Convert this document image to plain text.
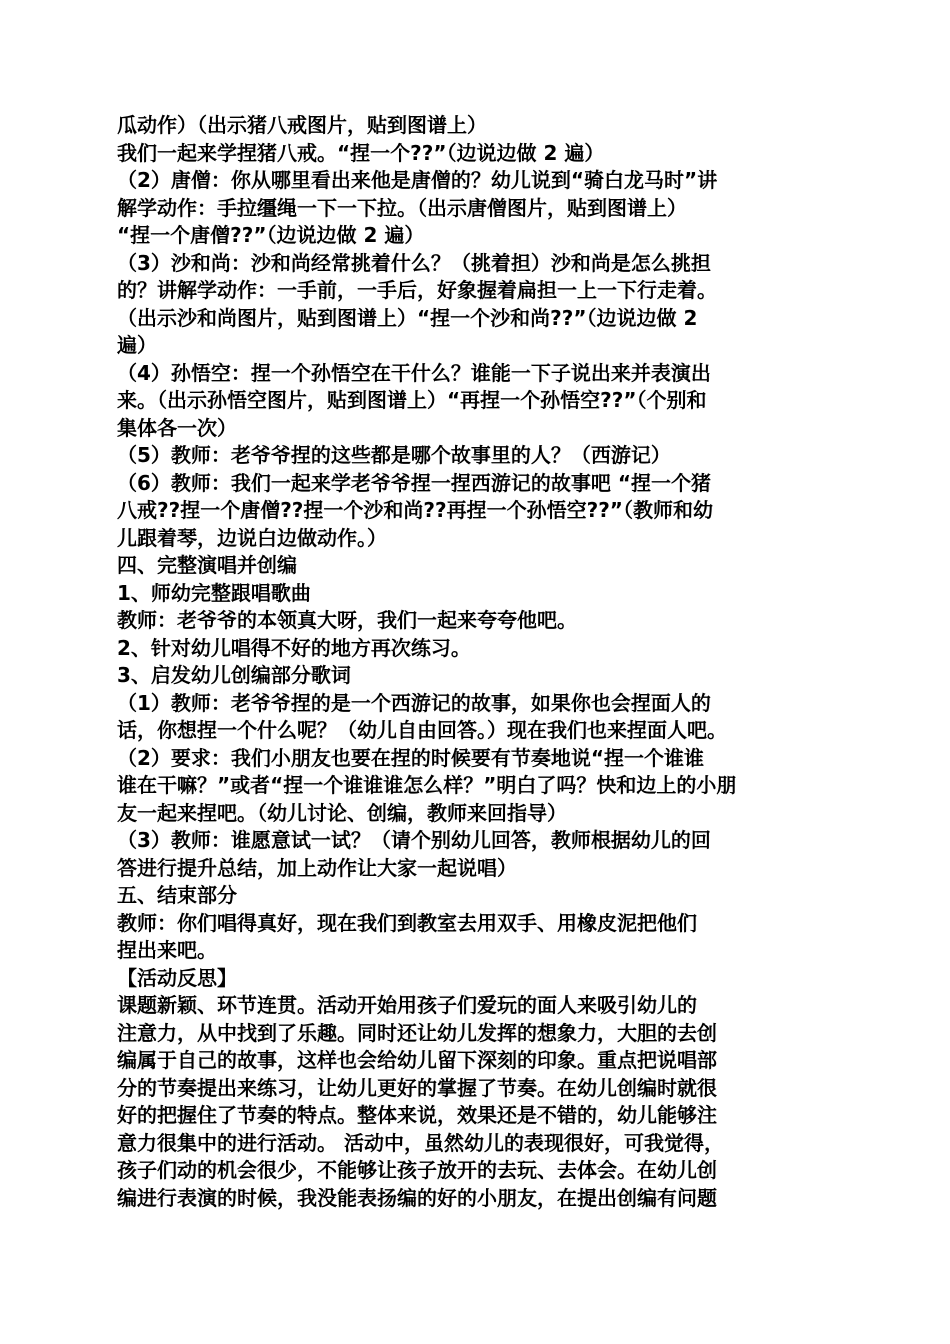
瓜动作）（出示猪八戒图片，贴到图谱上）
我们一起来学捏猪八戒。“捏一个??”（边说边做 2 遍）
（2）唐僧：你从哪里看出来他是唐僧的？幼儿说到“骑白龙马时”讲
解学动作：手拉缰绳一下一下拉。（出示唐僧图片，贴到图谱上）
“捏一个唐僧??”（边说边做 2 遍）
（3）沙和尚：沙和尚经常挑着什么？（挑着担）沙和尚是怎么挑担
的？讲解学动作：一手前，一手后，好象握着扁担一上一下行走着。
（出示沙和尚图片，贴到图谱上）“捏一个沙和尚??”（边说边做 2
遍）
（4）孙悟空：捏一个孙悟空在干什么？谁能一下子说出来并表演出
来。（出示孙悟空图片，贴到图谱上）“再捏一个孙悟空??”（个别和
集体各一次）
（5）教师：老爷爷捏的这些都是哪个故事里的人？（西游记）
（6）教师：我们一起来学老爷爷捏一捏西游记的故事吧 “捏一个猪
八戒??捏一个唐僧??捏一个沙和尚??再捏一个孙悟空??”（教师和幼
儿跟着琴，边说白边做动作。）
四、完整演唱并创编
1、师幼完整跟唱歌曲
教师：老爷爷的本领真大呀，我们一起来夸夸他吧。
2、针对幼儿唱得不好的地方再次练习。
3、启发幼儿创编部分歌词
（1）教师：老爷爷捏的是一个西游记的故事，如果你也会捏面人的
话，你想捏一个什么呢？（幼儿自由回答。）现在我们也来捏面人吧。
（2）要求：我们小朋友也要在捏的时候要有节奏地说“捏一个谁谁
谁在干嘛？”或者“捏一个谁谁谁怎么样？”明白了吗？快和边上的小朋
友一起来捏吧。（幼儿讨论、创编，教师来回指导）
（3）教师：谁愿意试一试？（请个别幼儿回答，教师根据幼儿的回
答进行提升总结，加上动作让大家一起说唱）
五、结束部分
教师：你们唱得真好，现在我们到教室去用双手、用橡皮泥把他们
捏出来吧。
【活动反思】
课题新颖、环节连贯。活动开始用孩子们爱玩的面人来吸引幼儿的
注意力，从中找到了乐趣。同时还让幼儿发挥的想象力，大胆的去创
编属于自己的故事，这样也会给幼儿留下深刻的印象。重点把说唱部
分的节奏提出来练习，让幼儿更好的掌握了节奏。在幼儿创编时就很
好的把握住了节奏的特点。整体来说，效果还是不错的，幼儿能够注
意力很集中的进行活动。 活动中，虽然幼儿的表现很好，可我觉得，
孩子们动的机会很少，不能够让孩子放开的去玩、去体会。在幼儿创
编进行表演的时候，我没能表扬编的好的小朋友，在提出创编有问题
